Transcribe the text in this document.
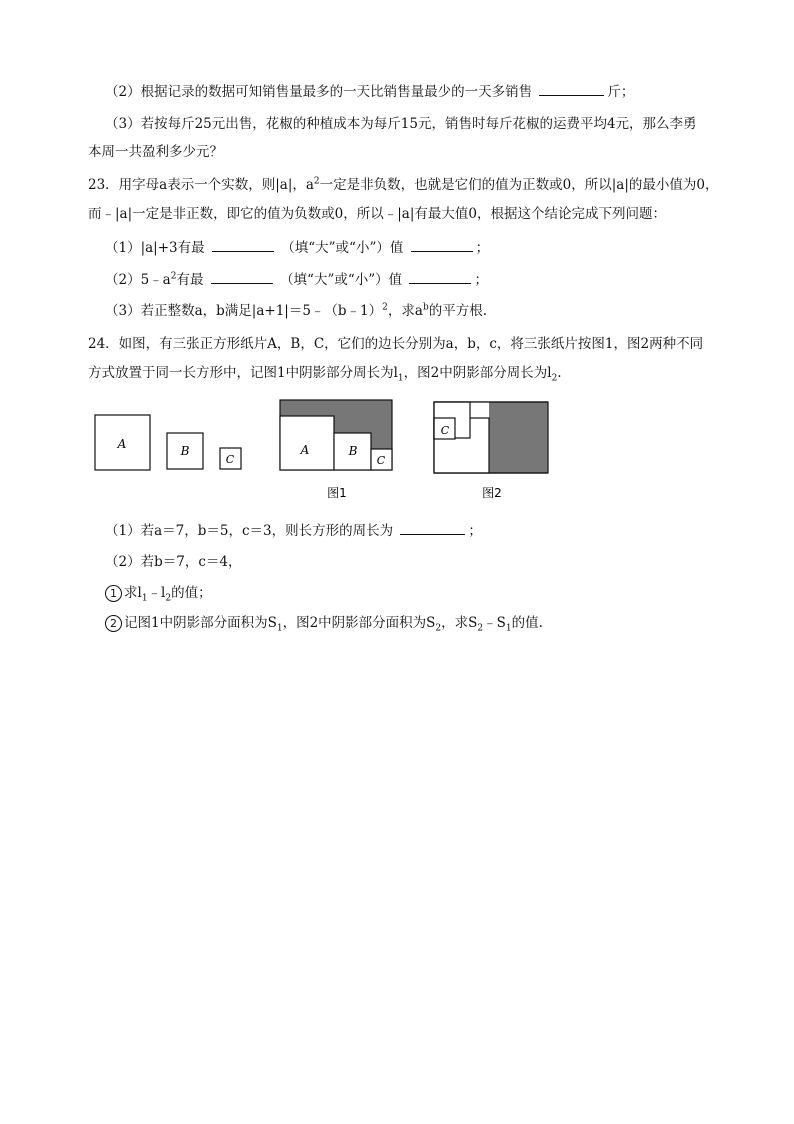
（2）根据记录的数据可知销售量最多的一天比销售量最少的一天多销售	斤；
（3）若按每斤25元出售，花椒的种植成本为每斤15元，销售时每斤花椒的运费平均4元，那么李勇
本周一共盈利多少元？
23．用字母a表示一个实数，则|a|，$a^2$一定是非负数，也就是它们的值为正数或0，所以|a|的最小值为0，
而﹣|a|一定是非正数，即它的值为负数或0，所以﹣|a|有最大值0，根据这个结论完成下列问题：
（1）|a|+3有最	（填“大”或“小”）值	；
$(2)5﹣a^2$有最	（填“大”或“小”）值	；
（3）若正整数a，b满足|a+1|＝5﹣（b﹣1）$^2$，求$a^b$的平方根.
24．如图，有三张正方形纸片A，B，C，它们的边长分别为a，b，c，将三张纸片按图1，图2两种不同
方式放置于同一长方形中，记图1中阴影部分周长为$l_1$，图2中阴影部分周长为$l_2$.
A	B
C
A	B
C
图1
C
图2
（1）若a＝7，b＝5，c＝3，则长方形的周长为	；
（2）若b＝7，c＝4，
1 求$l_1﹣l_2$的值；
2 记图1中阴影部分面积为$S_1$，图2中阴影部分面积为$S_2$，求$S_2﹣S_1$的值.
